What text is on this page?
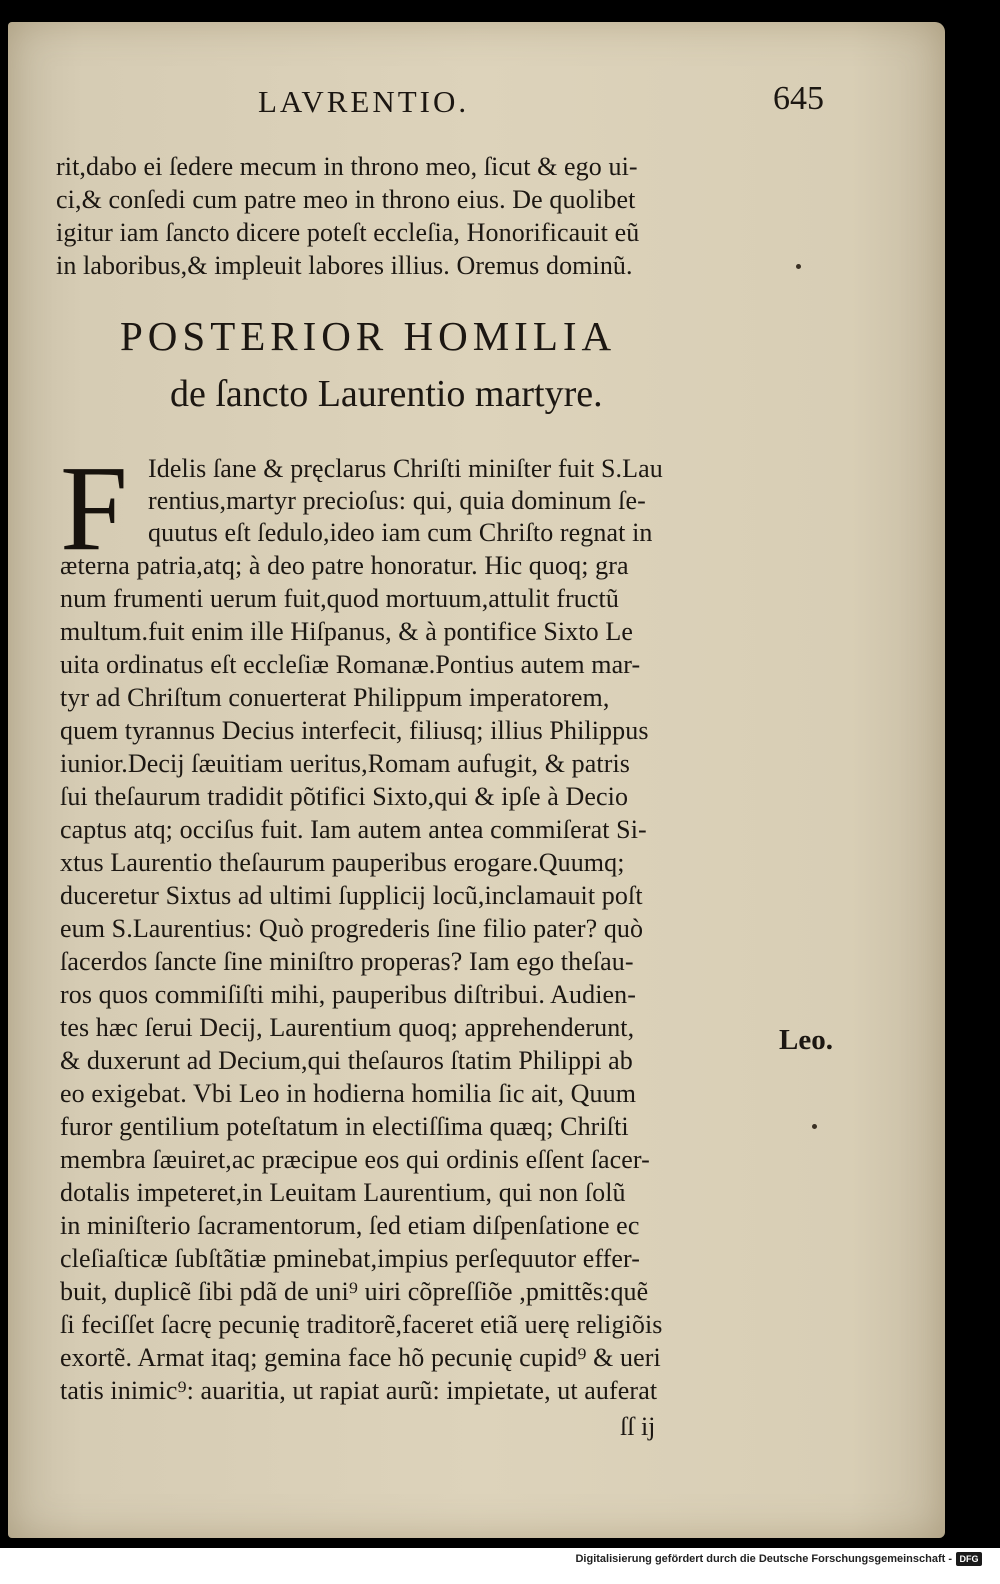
LAVRENTIO.	645
rit,dabo ei ſedere mecum in throno meo, ſicut & ego ui-
ci,& conſedi cum patre meo in throno eius. De quolibet
igitur iam ſancto dicere poteſt eccleſia, Honorificauit eũ
in laboribus,& impleuit labores illius. Oremus dominũ.
POSTERIOR HOMILIA
de ſancto Laurentio martyre.
F Idelis ſane & pręclarus Chriſti miniſter fuit S.Lau
rentius,martyr precioſus: qui, quia dominum ſe-
quutus eſt ſedulo,ideo iam cum Chriſto regnat in
æterna patria,atq; à deo patre honoratur. Hic quoq; gra
num frumenti uerum fuit,quod mortuum,attulit fructũ
multum.fuit enim ille Hiſpanus, & à pontifice Sixto Le
uita ordinatus eſt eccleſiæ Romanæ.Pontius autem mar-
tyr ad Chriſtum conuerterat Philippum imperatorem,
quem tyrannus Decius interfecit, filiusq; illius Philippus
iunior.Decij ſæuitiam ueritus,Romam aufugit, & patris
ſui theſaurum tradidit põtifici Sixto,qui & ipſe à Decio
captus atq; occiſus fuit. Iam autem antea commiſerat Si-
xtus Laurentio theſaurum pauperibus erogare.Quumq;
duceretur Sixtus ad ultimi ſupplicij locũ,inclamauit poſt
eum S.Laurentius: Quò progrederis ſine filio pater? quò
ſacerdos ſancte ſine miniſtro properas? Iam ego theſau-
ros quos commiſiſti mihi, pauperibus diſtribui. Audien-
tes hæc ſerui Decij, Laurentium quoq; apprehenderunt,
& duxerunt ad Decium,qui theſauros ſtatim Philippi ab
eo exigebat. Vbi Leo in hodierna homilia ſic ait, Quum
furor gentilium poteſtatum in electiſſima quæq; Chriſti
membra ſæuiret,ac præcipue eos qui ordinis eſſent ſacer-
dotalis impeteret,in Leuitam Laurentium, qui non ſolũ
in miniſterio ſacramentorum, ſed etiam diſpenſatione ec
cleſiaſticæ ſubſtãtiæ pminebat,impius perſequutor effer-
buit, duplicẽ ſibi pdã de uni⁹ uiri cõpreſſiõe ,pmittẽs:quẽ
ſi feciſſet ſacrę pecunię traditorẽ,faceret etiã uerę religiõis
exortẽ. Armat itaq; gemina face hõ pecunię cupid⁹ & ueri
tatis inimic⁹: auaritia, ut rapiat aurũ: impietate, ut auferat
Leo.
ſſ ij
Digitalisierung gefördert durch die Deutsche Forschungsgemeinschaft - DFG
